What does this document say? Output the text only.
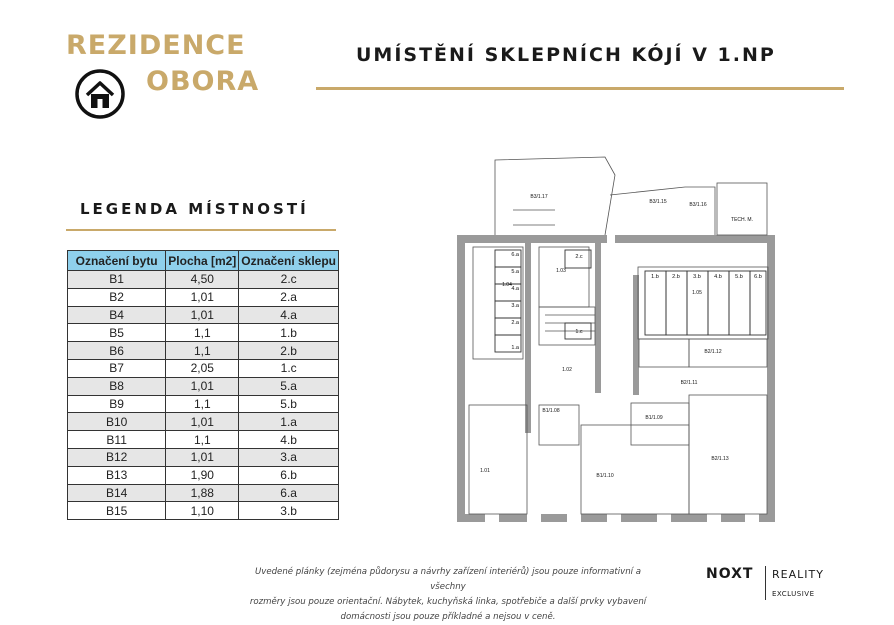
REZIDENCE
OBORA
UMÍSTĚNÍ SKLEPNÍCH KÓJÍ V 1.NP
LEGENDA MÍSTNOSTÍ
Označení bytu	Plocha [m2]	Označení sklepu
B1	4,50	2.c
B2	1,01	2.a
B4	1,01	4.a
B5	1,1	1.b
B6	1,1	2.b
B7	2,05	1.c
B8	1,01	5.a
B9	1,1	5.b
B10	1,01	1.a
B11	1,1	4.b
B12	1,01	3.a
B13	1,90	6.b
B14	1,88	6.a
B15	1,10	3.b
6.a
5.a
4.a
3.a
2.a
1.a
2.c
1.c
1.b 2.b 3.b 4.b 5.b 6.b
B3/1.17
B3/1.15	B3/1.16
TECH. M.
1.03
1.04
1.05
1.02
1.01
B1/1.08
B1/1.09
B1/1.10
B2/1.11
B2/1.12
B2/1.13
Uvedené plánky (zejména půdorysu a návrhy zařízení interiérů) jsou pouze informativní a všechny
rozměry jsou pouze orientační. Nábytek, kuchyňská linka, spotřebiče a další prvky vybavení
domácnosti jsou pouze příkladné a nejsou v ceně.
NOXT REALITY
EXCLUSIVE
